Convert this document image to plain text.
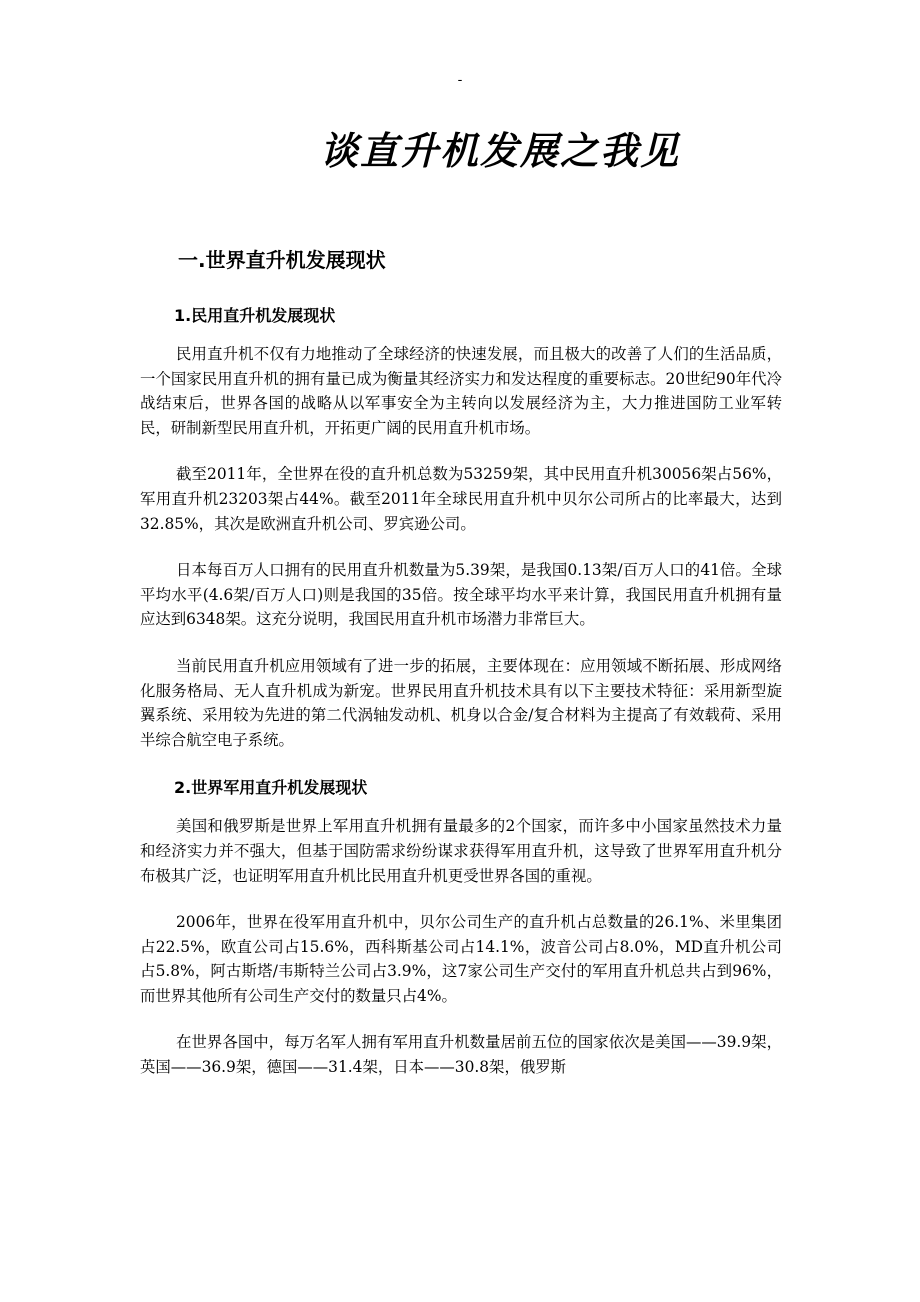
-
谈直升机发展之我见
一.世界直升机发展现状
1.民用直升机发展现状

民用直升机不仅有力地推动了全球经济的快速发展，而且极大的改善了人们的生活品质，一个国家民用直升机的拥有量已成为衡量其经济实力和发达程度的重要标志。20世纪90年代冷战结束后，世界各国的战略从以军事安全为主转向以发展经济为主，大力推进国防工业军转民，研制新型民用直升机，开拓更广阔的民用直升机市场。

截至2011年，全世界在役的直升机总数为53259架，其中民用直升机30056架占56%，军用直升机23203架占44%。截至2011年全球民用直升机中贝尔公司所占的比率最大，达到32.85%，其次是欧洲直升机公司、罗宾逊公司。

日本每百万人口拥有的民用直升机数量为5.39架，是我国0.13架/百万人口的41倍。全球平均水平(4.6架/百万人口)则是我国的35倍。按全球平均水平来计算，我国民用直升机拥有量应达到6348架。这充分说明，我国民用直升机市场潜力非常巨大。

当前民用直升机应用领域有了进一步的拓展，主要体现在：应用领域不断拓展、形成网络化服务格局、无人直升机成为新宠。世界民用直升机技术具有以下主要技术特征：采用新型旋翼系统、采用较为先进的第二代涡轴发动机、机身以合金/复合材料为主提高了有效载荷、采用半综合航空电子系统。

2.世界军用直升机发展现状

美国和俄罗斯是世界上军用直升机拥有量最多的2个国家，而许多中小国家虽然技术力量和经济实力并不强大，但基于国防需求纷纷谋求获得军用直升机，这导致了世界军用直升机分布极其广泛，也证明军用直升机比民用直升机更受世界各国的重视。

2006年，世界在役军用直升机中，贝尔公司生产的直升机占总数量的26.1%、米里集团占22.5%，欧直公司占15.6%，西科斯基公司占14.1%，波音公司占8.0%，MD直升机公司占5.8%，阿古斯塔/韦斯特兰公司占3.9%，这7家公司生产交付的军用直升机总共占到96%，而世界其他所有公司生产交付的数量只占4%。

在世界各国中，每万名军人拥有军用直升机数量居前五位的国家依次是美国——39.9架，英国——36.9架，德国——31.4架，日本——30.8架，俄罗斯
